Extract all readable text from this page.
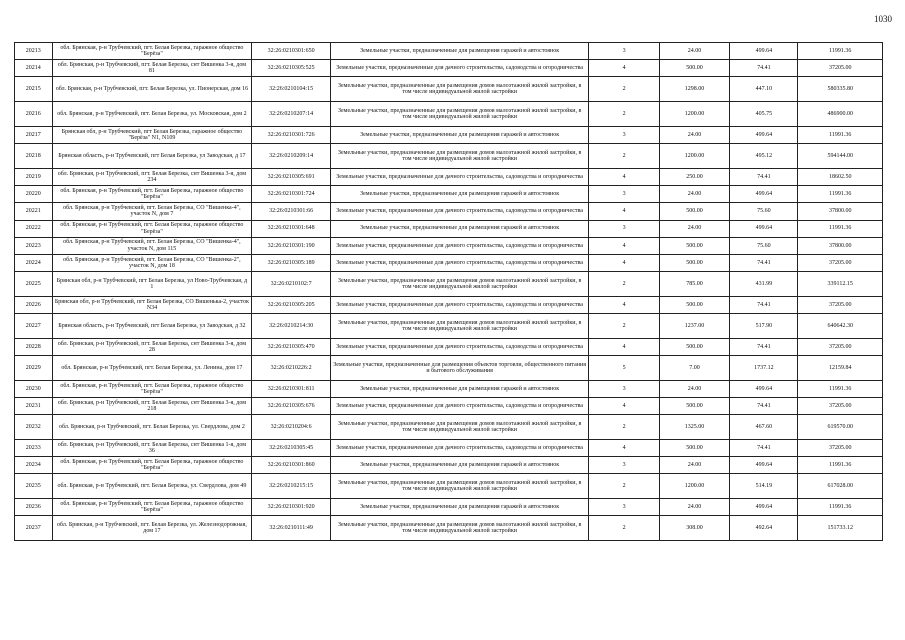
1030
20213	обл. Брянская, р-н Трубчевский, пгт. Белая Березка, гаражное общество "Берёза"	32:26:0210301:650	Земельные участки, предназначенные для размещения гаражей и автостоянок	3	24.00	499.64	11991.36
20214	обл. Брянская, р-н Трубчевский, пгт. Белая Березка, снт Вишенка 3-я, дом 81	32:26:0210305:525	Земельные участки, предназначенные для дачного строительства, садоводства и огородничества	4	500.00	74.41	37205.00
20215	обл. Брянская, р-н Трубчевский, пгт. Белая Березка, ул. Пионерская, дом 16	32:26:0210104:15	Земельные участки, предназначенные для размещения домов малоэтажной жилой застройки, в том числе индивидуальной жилой застройки	2	1298.00	447.10	580335.80
20216	обл. Брянская, р-н Трубчевский, пгт. Белая Березка, ул. Московская, дом 2	32:26:0210207:14	Земельные участки, предназначенные для размещения домов малоэтажной жилой застройки, в том числе индивидуальной жилой застройки	2	1200.00	405.75	486900.00
20217	Брянская обл, р-н Трубчевский, пгт Белая Березка, гаражное общество "Берёза" N1, N109	32:26:0210301:726	Земельные участки, предназначенные для размещения гаражей и автостоянок	3	24.00	499.64	11991.36
20218	Брянская область, р-н Трубчевский, пгт Белая Березка, ул Заводская, д 17	32:26:0210209:14	Земельные участки, предназначенные для размещения домов малоэтажной жилой застройки, в том числе индивидуальной жилой застройки	2	1200.00	495.12	594144.00
20219	обл. Брянская, р-н Трубчевский, пгт. Белая Березка, снт Вишенка 3-я, дом 234	32:26:0210305:691	Земельные участки, предназначенные для дачного строительства, садоводства и огородничества	4	250.00	74.41	18602.50
20220	обл. Брянская, р-н Трубчевский, пгт. Белая Березка, гаражное общество "Берёза"	32:26:0210301:724	Земельные участки, предназначенные для размещения гаражей и автостоянок	3	24.00	499.64	11991.36
20221	обл. Брянская, р-н Трубчевский, пгт. Белая Березка, СО "Вишенка-4", участок N, дом 7	32:26:0210301:66	Земельные участки, предназначенные для дачного строительства, садоводства и огородничества	4	500.00	75.60	37800.00
20222	обл. Брянская, р-н Трубчевский, пгт. Белая Березка, гаражное общество "Берёза"	32:26:0210301:648	Земельные участки, предназначенные для размещения гаражей и автостоянок	3	24.00	499.64	11991.36
20223	обл. Брянская, р-н Трубчевский, пгт. Белая Березка, СО "Вишенка-4", участок N, дом 115	32:26:0210301:190	Земельные участки, предназначенные для дачного строительства, садоводства и огородничества	4	500.00	75.60	37800.00
20224	обл. Брянская, р-н Трубчевский, пгт. Белая Березка, СО "Вишенка-2", участок N, дом 18	32:26:0210305:189	Земельные участки, предназначенные для дачного строительства, садоводства и огородничества	4	500.00	74.41	37205.00
20225	Брянская обл, р-н Трубчевский, пгт Белая Березка, ул Ново-Трубчевская, д 1	32:26:0210102:7	Земельные участки, предназначенные для размещения домов малоэтажной жилой застройки, в том числе индивидуальной жилой застройки	2	785.00	431.99	339112.15
20226	Брянская обл, р-н Трубчевский, пгт Белая Березка, СО Вишенька-2, участок N34	32:26:0210305:205	Земельные участки, предназначенные для дачного строительства, садоводства и огородничества	4	500.00	74.41	37205.00
20227	Брянская область, р-н Трубчевский, пгт Белая Березка, ул Заводская, д 32	32:26:0210214:30	Земельные участки, предназначенные для размещения домов малоэтажной жилой застройки, в том числе индивидуальной жилой застройки	2	1237.00	517.90	640642.30
20228	обл. Брянская, р-н Трубчевский, пгт. Белая Березка, снт Вишенка 3-я, дом 28	32:26:0210305:470	Земельные участки, предназначенные для дачного строительства, садоводства и огородничества	4	500.00	74.41	37205.00
20229	обл. Брянская, р-н Трубчевский, пгт. Белая Березка, ул. Ленина, дом 17	32:26:0210226:2	Земельные участки, предназначенные для размещения объектов торговли, общественного питания и бытового обслуживания	5	7.00	1737.12	12159.84
20230	обл. Брянская, р-н Трубчевский, пгт. Белая Березка, гаражное общество "Берёза"	32:26:0210301:811	Земельные участки, предназначенные для размещения гаражей и автостоянок	3	24.00	499.64	11991.36
20231	обл. Брянская, р-н Трубчевский, пгт. Белая Березка, снт Вишенка 3-я, дом 218	32:26:0210305:676	Земельные участки, предназначенные для дачного строительства, садоводства и огородничества	4	500.00	74.41	37205.00
20232	обл. Брянская, р-н Трубчевский, пгт. Белая Березка, ул. Свердлова, дом 2	32:26:0210204:6	Земельные участки, предназначенные для размещения домов малоэтажной жилой застройки, в том числе индивидуальной жилой застройки	2	1325.00	467.60	619570.00
20233	обл. Брянская, р-н Трубчевский, пгт. Белая Березка, снт Вишенка 1-я, дом 36	32:26:0210305:45	Земельные участки, предназначенные для дачного строительства, садоводства и огородничества	4	500.00	74.41	37205.00
20234	обл. Брянская, р-н Трубчевский, пгт. Белая Березка, гаражное общество "Берёза"	32:26:0210301:860	Земельные участки, предназначенные для размещения гаражей и автостоянок	3	24.00	499.64	11991.36
20235	обл. Брянская, р-н Трубчевский, пгт. Белая Березка, ул. Свердлова, дом 49	32:26:0210215:15	Земельные участки, предназначенные для размещения домов малоэтажной жилой застройки, в том числе индивидуальной жилой застройки	2	1200.00	514.19	617028.00
20236	обл. Брянская, р-н Трубчевский, пгт. Белая Березка, гаражное общество "Берёза"	32:26:0210301:920	Земельные участки, предназначенные для размещения гаражей и автостоянок	3	24.00	499.64	11991.36
20237	обл. Брянская, р-н Трубчевский, пгт. Белая Березка, ул. Железнодорожная, дом 17	32:26:0210111:49	Земельные участки, предназначенные для размещения домов малоэтажной жилой застройки, в том числе индивидуальной жилой застройки	2	308.00	492.64	151733.12
